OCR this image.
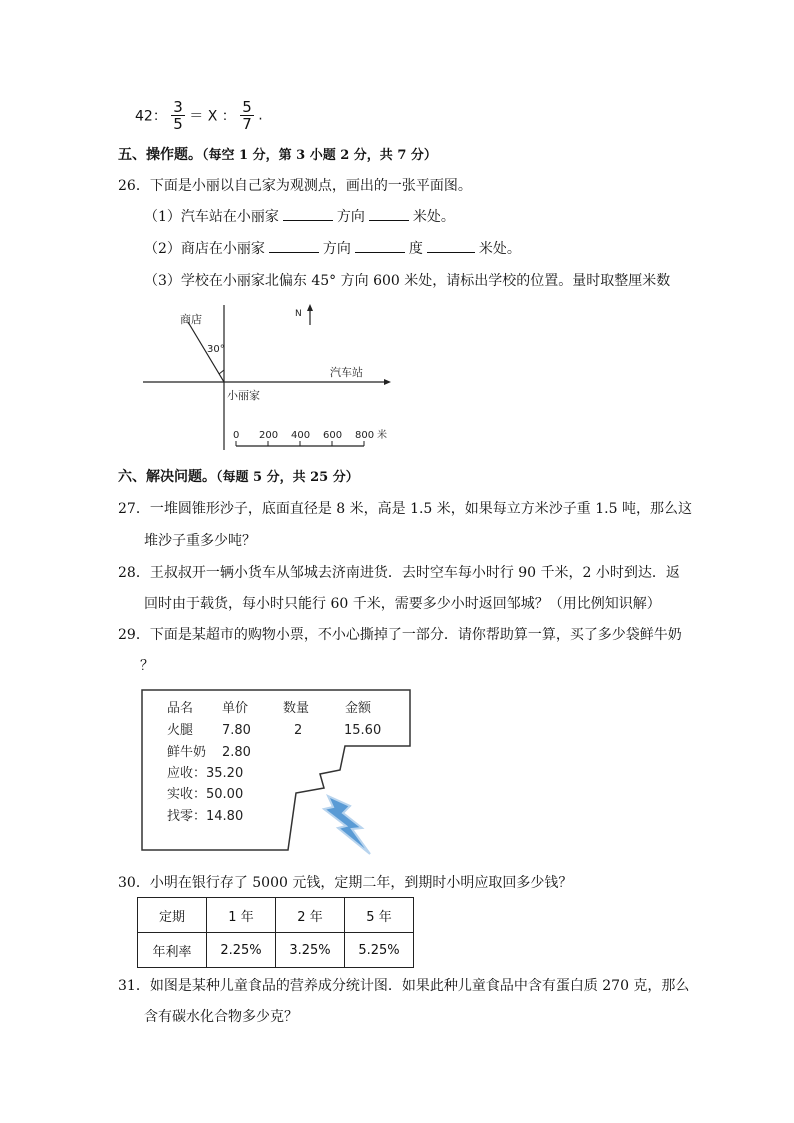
42： $\frac{3}{5} = X$ ： $\frac{5}{7}$ .
五、操作题。（每空 1 分，第 3 小题 2 分，共 7 分）
26．下面是小丽以自己家为观测点，画出的一张平面图。
（1）汽车站在小丽家	方向	米处。
（2）商店在小丽家	方向	度	米处。
（3）学校在小丽家北偏东 45° 方向 600 米处，请标出学校的位置。量时取整厘米数
30°
商店	N
汽车站
小丽家
0 200 400 600 800 米
六、解决问题。（每题 5 分，共 25 分）
27．一堆圆锥形沙子，底面直径是 8 米，高是 1.5 米，如果每立方米沙子重 1.5 吨，那么这
堆沙子重多少吨？
28．王叔叔开一辆小货车从邹城去济南进货．去时空车每小时行 90 千米，2 小时到达．返
回时由于载货，每小时只能行 60 千米，需要多少小时返回邹城？（用比例知识解）
29．下面是某超市的购物小票，不小心撕掉了一部分．请你帮助算一算，买了多少袋鲜牛奶
？
品名 单价	数量	金额
火腿 7.80	2	15.60
鲜牛奶 2.80
应收：35.20
实收：50.00
找零：14.80
30．小明在银行存了 5000 元钱，定期二年，到期时小明应取回多少钱？
定期	1 年	2 年	5 年
年利率	2.25%	3.25%	5.25%
31．如图是某种儿童食品的营养成分统计图．如果此种儿童食品中含有蛋白质 270 克，那么
含有碳水化合物多少克？
